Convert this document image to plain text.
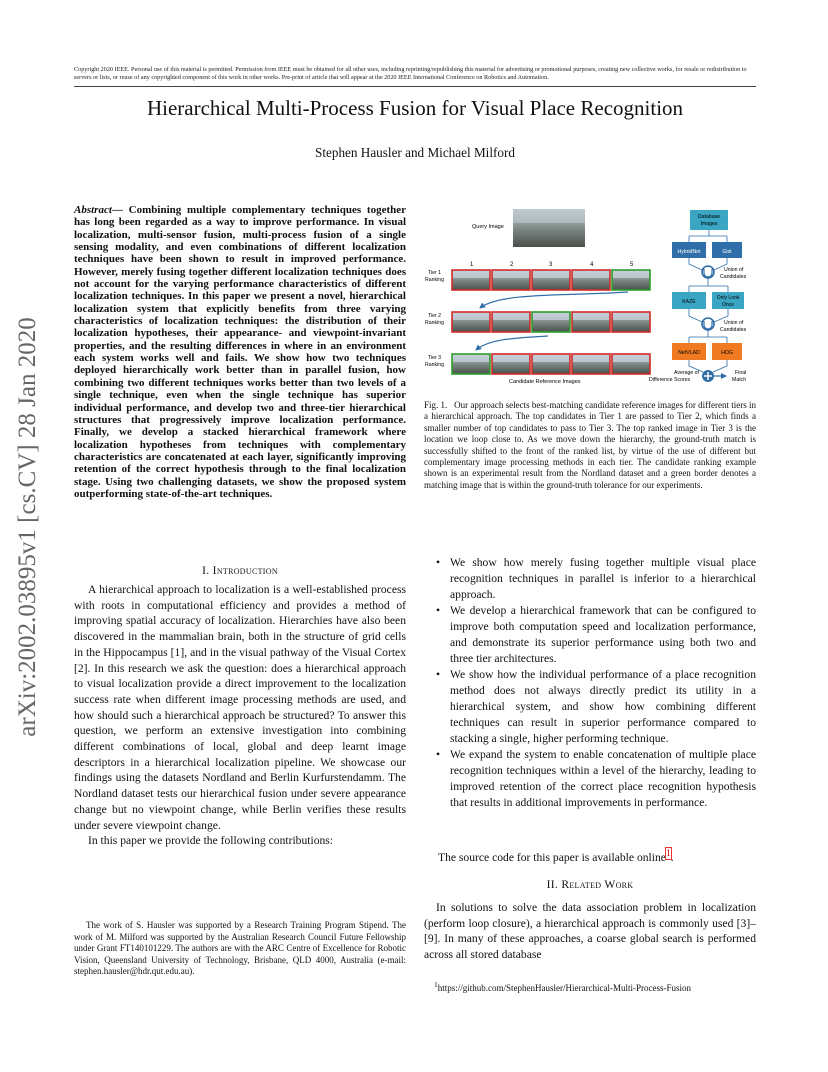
Copyright 2020 IEEE. Personal use of this material is permitted. Permission from IEEE must be obtained for all other uses, including reprinting/republishing this material for advertising or promotional purposes, creating new collective works, for resale or redistribution to servers or lists, or reuse of any copyrighted component of this work in other works. Pre-print of article that will appear at the 2020 IEEE International Conference on Robotics and Automation.
Hierarchical Multi-Process Fusion for Visual Place Recognition
Stephen Hausler and Michael Milford
arXiv:2002.03895v1 [cs.CV] 28 Jan 2020
Abstract— Combining multiple complementary techniques together has long been regarded as a way to improve performance. In visual localization, multi-sensor fusion, multi-process fusion of a single sensing modality, and even combinations of different localization techniques have been shown to result in improved performance. However, merely fusing together different localization techniques does not account for the varying performance characteristics of different localization techniques. In this paper we present a novel, hierarchical localization system that explicitly benefits from three varying characteristics of localization techniques: the distribution of their localization hypotheses, their appearance- and viewpoint-invariant properties, and the resulting differences in where in an environment each system works well and fails. We show how two techniques deployed hierarchically work better than in parallel fusion, how combining two different techniques works better than two levels of a single technique, even when the single technique has superior individual performance, and develop two and three-tier hierarchical structures that progressively improve localization performance. Finally, we develop a stacked hierarchical framework where localization hypotheses from techniques with complementary characteristics are concatenated at each layer, significantly improving retention of the correct hypothesis through to the final localization stage. Using two challenging datasets, we show the proposed system outperforming state-of-the-art techniques.
I. Introduction

A hierarchical approach to localization is a well-established process with roots in computational efficiency and provides a method of improving spatial accuracy of localization. Hierarchies have also been discovered in the mammalian brain, both in the structure of grid cells in the Hippocampus [1], and in the visual pathway of the Visual Cortex [2]. In this research we ask the question: does a hierarchical approach to visual localization provide a direct improvement to the localization success rate when different image processing methods are used, and how should such a hierarchical approach be structured? To answer this question, we perform an extensive investigation into combining different combinations of local, global and deep learnt image descriptors in a hierarchical localization pipeline. We showcase our findings using the datasets Nordland and Berlin Kurfurstendamm. The Nordland dataset tests our hierarchical fusion under severe appearance change but no viewpoint change, while Berlin verifies these results under severe viewpoint change.

In this paper we provide the following contributions:

The work of S. Hausler was supported by a Research Training Program Stipend. The work of M. Milford was supported by the Australian Research Council Future Fellowship under Grant FT140101229. The authors are with the ARC Centre of Excellence for Robotic Vision, Queensland University of Technology, Brisbane, QLD 4000, Australia (e-mail: stephen.hausler@hdr.qut.edu.au).

Query Image
1	2	3	4	5
Tier 1
Ranking
Tier 2
Ranking
Tier 3
Ranking
Candidate Reference Images
Database
Images
HybridNet	Gist
Union of
Candidates
KAZE
Only Look
Once
Union of
Candidates
NetVLAD	HOG
Average of
Difference Scores
Final
Match
Fig. 1. Our approach selects best-matching candidate reference images for different tiers in a hierarchical approach. The top candidates in Tier 1 are passed to Tier 2, which finds a smaller number of top candidates to pass to Tier 3. The top ranked image in Tier 3 is the location we loop close to. As we move down the hierarchy, the ground-truth match is successfully shifted to the front of the ranked list, by virtue of the use of different but complementary image processing methods in each tier. The candidate ranking example shown is an experimental result from the Nordland dataset and a green border denotes a matching image that is within the ground-truth tolerance for our experiments.
• We show how merely fusing together multiple visual place recognition techniques in parallel is inferior to a hierarchical approach.
• We develop a hierarchical framework that can be configured to improve both computation speed and localization performance, and demonstrate its superior performance using both two and three tier architectures.
• We show how the individual performance of a place recognition method does not always directly predict its utility in a hierarchical system, and show how combining different techniques can result in superior performance compared to stacking a single, higher performing technique.
• We expand the system to enable concatenation of multiple place recognition techniques within a level of the hierarchy, leading to improved retention of the correct place recognition hypothesis that results in additional improvements in performance.
The source code for this paper is available online$^1$.
II. Related Work

In solutions to solve the data association problem in localization (perform loop closure), a hierarchical approach is commonly used [3]–[9]. In many of these approaches, a coarse global search is performed across all stored database

$^1$https://github.com/StephenHausler/Hierarchical-Multi-Process-Fusion
